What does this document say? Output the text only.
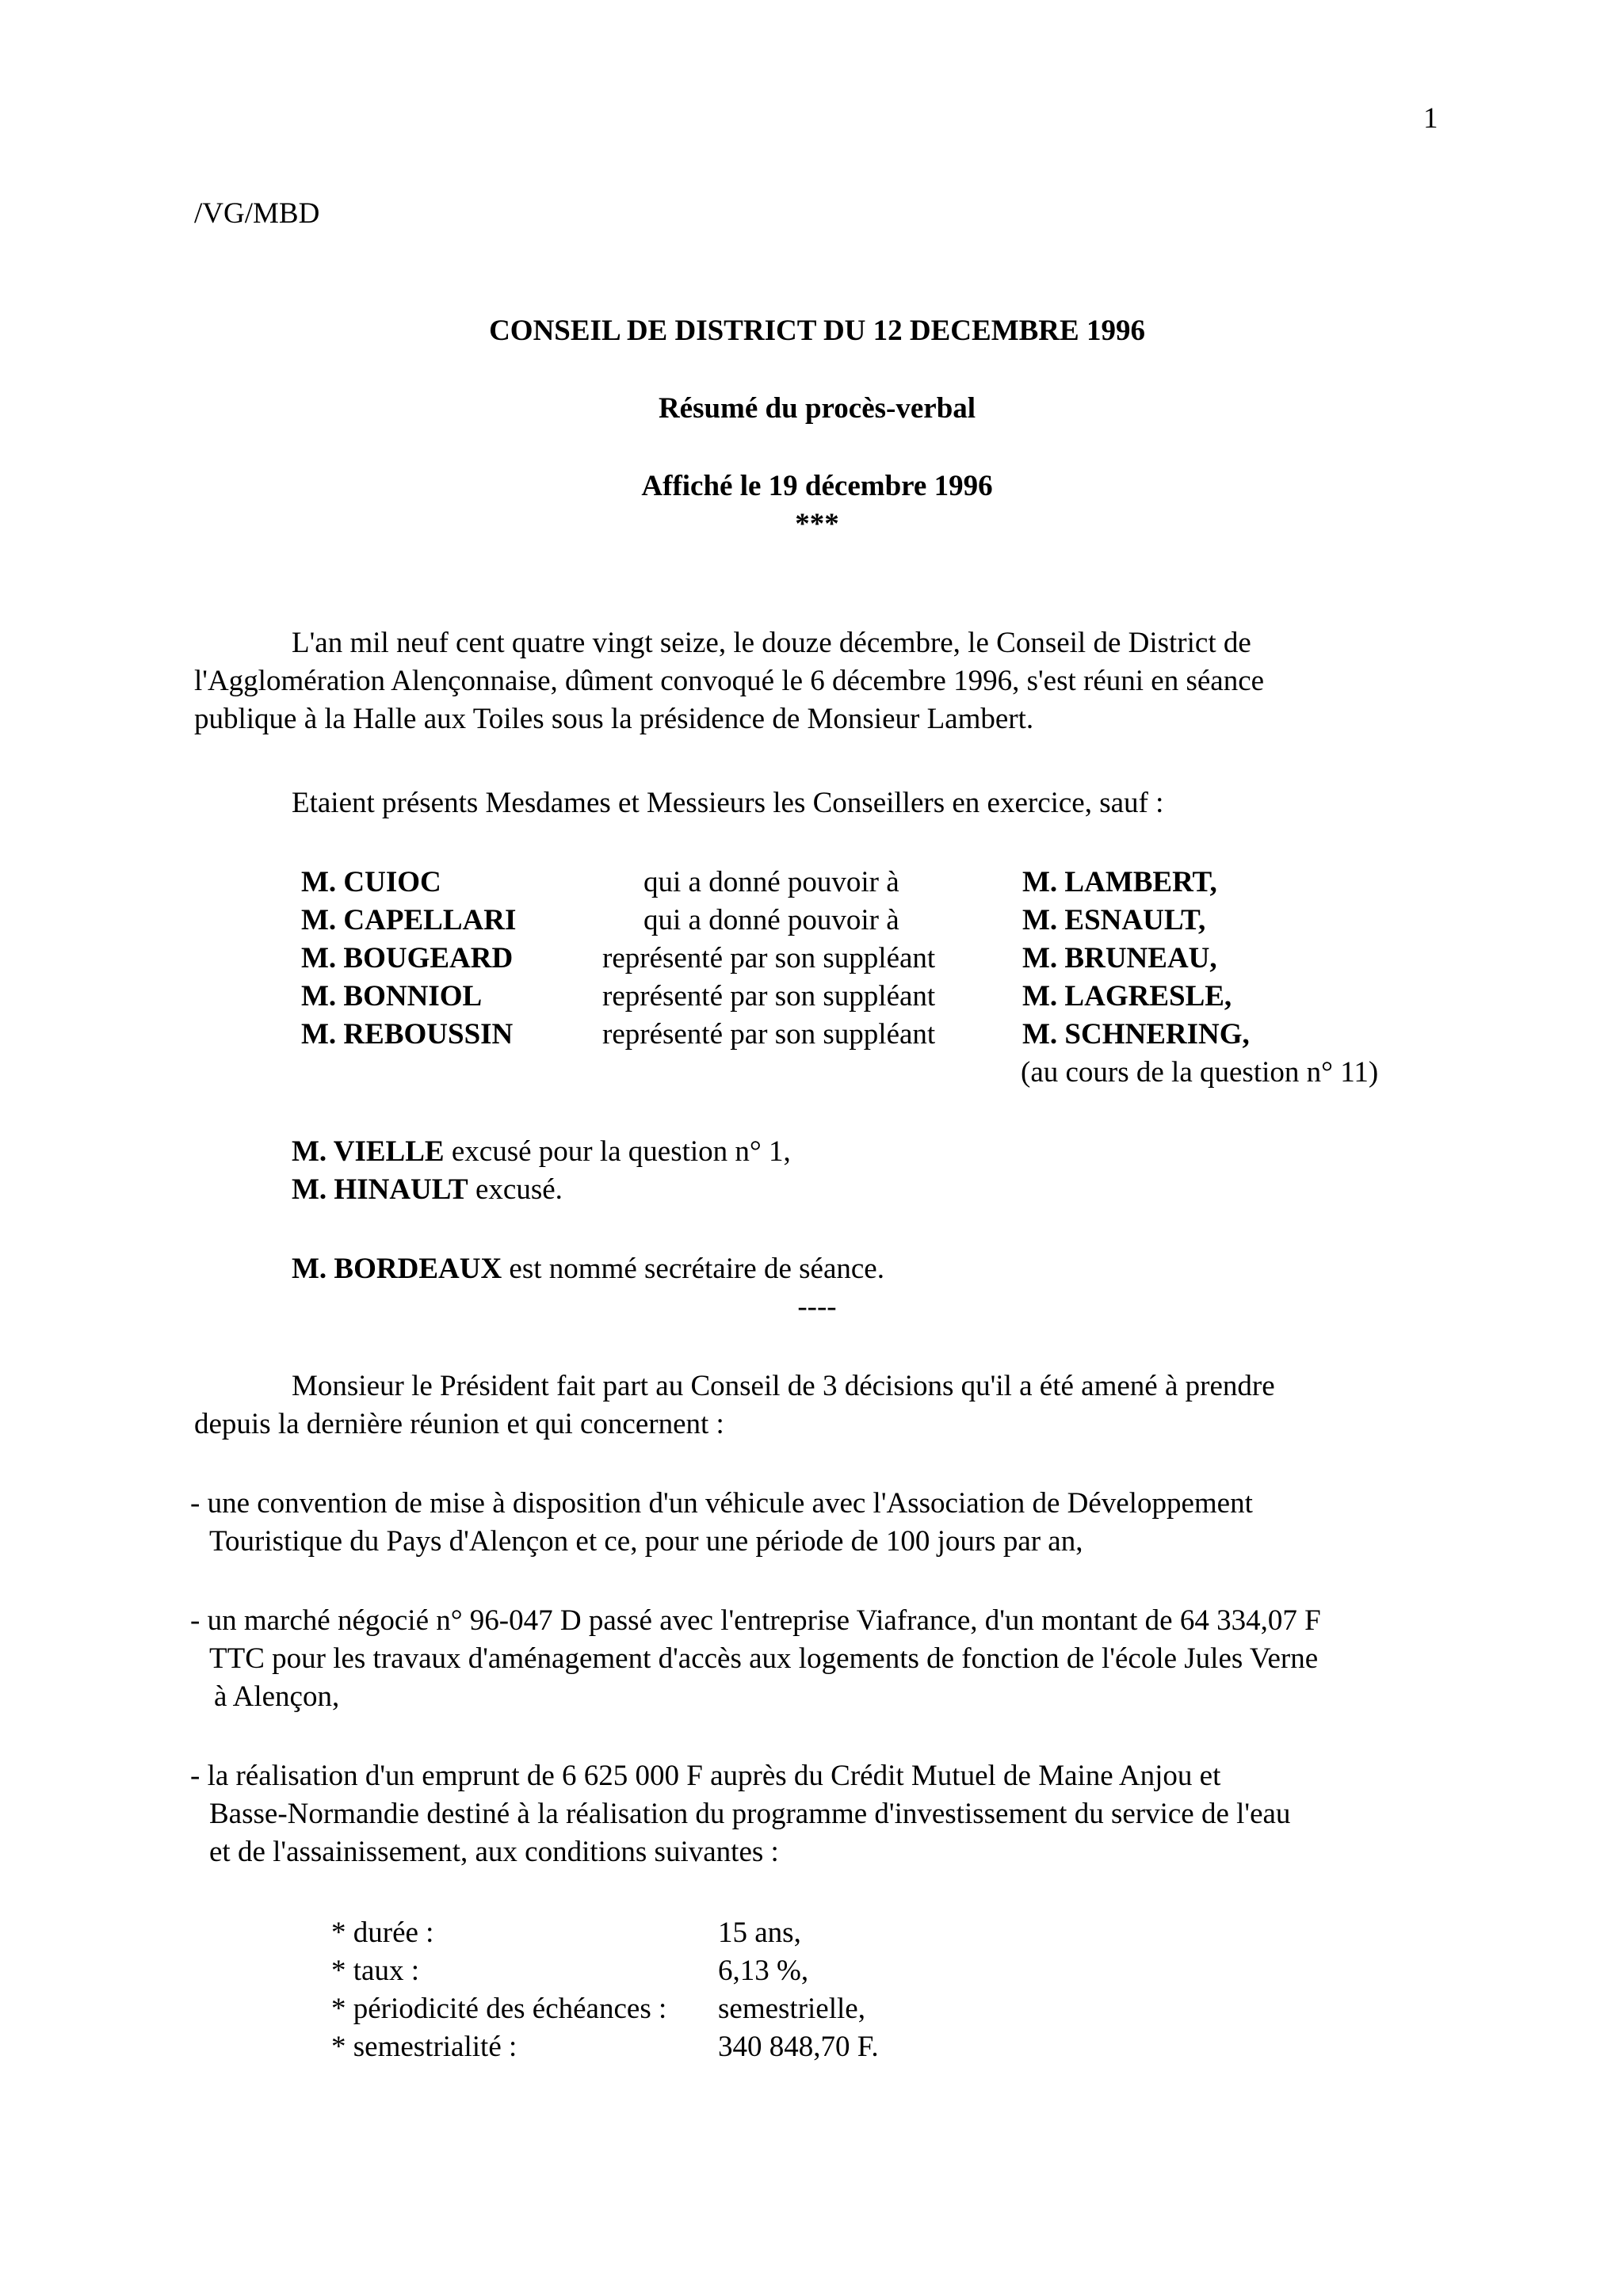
1
/VG/MBD
CONSEIL DE DISTRICT DU 12 DECEMBRE 1996
Résumé du procès-verbal
Affiché le 19 décembre 1996
***
L'an mil neuf cent quatre vingt seize, le douze décembre, le Conseil de District de
l'Agglomération Alençonnaise, dûment convoqué le 6 décembre 1996, s'est réuni en séance
publique à la Halle aux Toiles sous la présidence de Monsieur Lambert.
Etaient présents Mesdames et Messieurs les Conseillers en exercice, sauf :
M. CUIOC	qui a donné pouvoir à	M. LAMBERT,
M. CAPELLARI	qui a donné pouvoir à	M. ESNAULT,
M. BOUGEARD	représenté par son suppléant	M. BRUNEAU,
M. BONNIOL	représenté par son suppléant	M. LAGRESLE,
M. REBOUSSIN	représenté par son suppléant	M. SCHNERING,
(au cours de la question n° 11)
M. VIELLE excusé pour la question n° 1,
M. HINAULT excusé.
M. BORDEAUX est nommé secrétaire de séance.
----
Monsieur le Président fait part au Conseil de 3 décisions qu'il a été amené à prendre
depuis la dernière réunion et qui concernent :
- une convention de mise à disposition d'un véhicule avec l'Association de Développement
Touristique du Pays d'Alençon et ce, pour une période de 100 jours par an,
- un marché négocié n° 96-047 D passé avec l'entreprise Viafrance, d'un montant de 64 334,07 F
TTC pour les travaux d'aménagement d'accès aux logements de fonction de l'école Jules Verne
à Alençon,
- la réalisation d'un emprunt de 6 625 000 F auprès du Crédit Mutuel de Maine Anjou et
Basse-Normandie destiné à la réalisation du programme d'investissement du service de l'eau
et de l'assainissement, aux conditions suivantes :
* durée :	15 ans,
* taux :	6,13 %,
* périodicité des échéances : semestrielle,
* semestrialité :	340 848,70 F.
